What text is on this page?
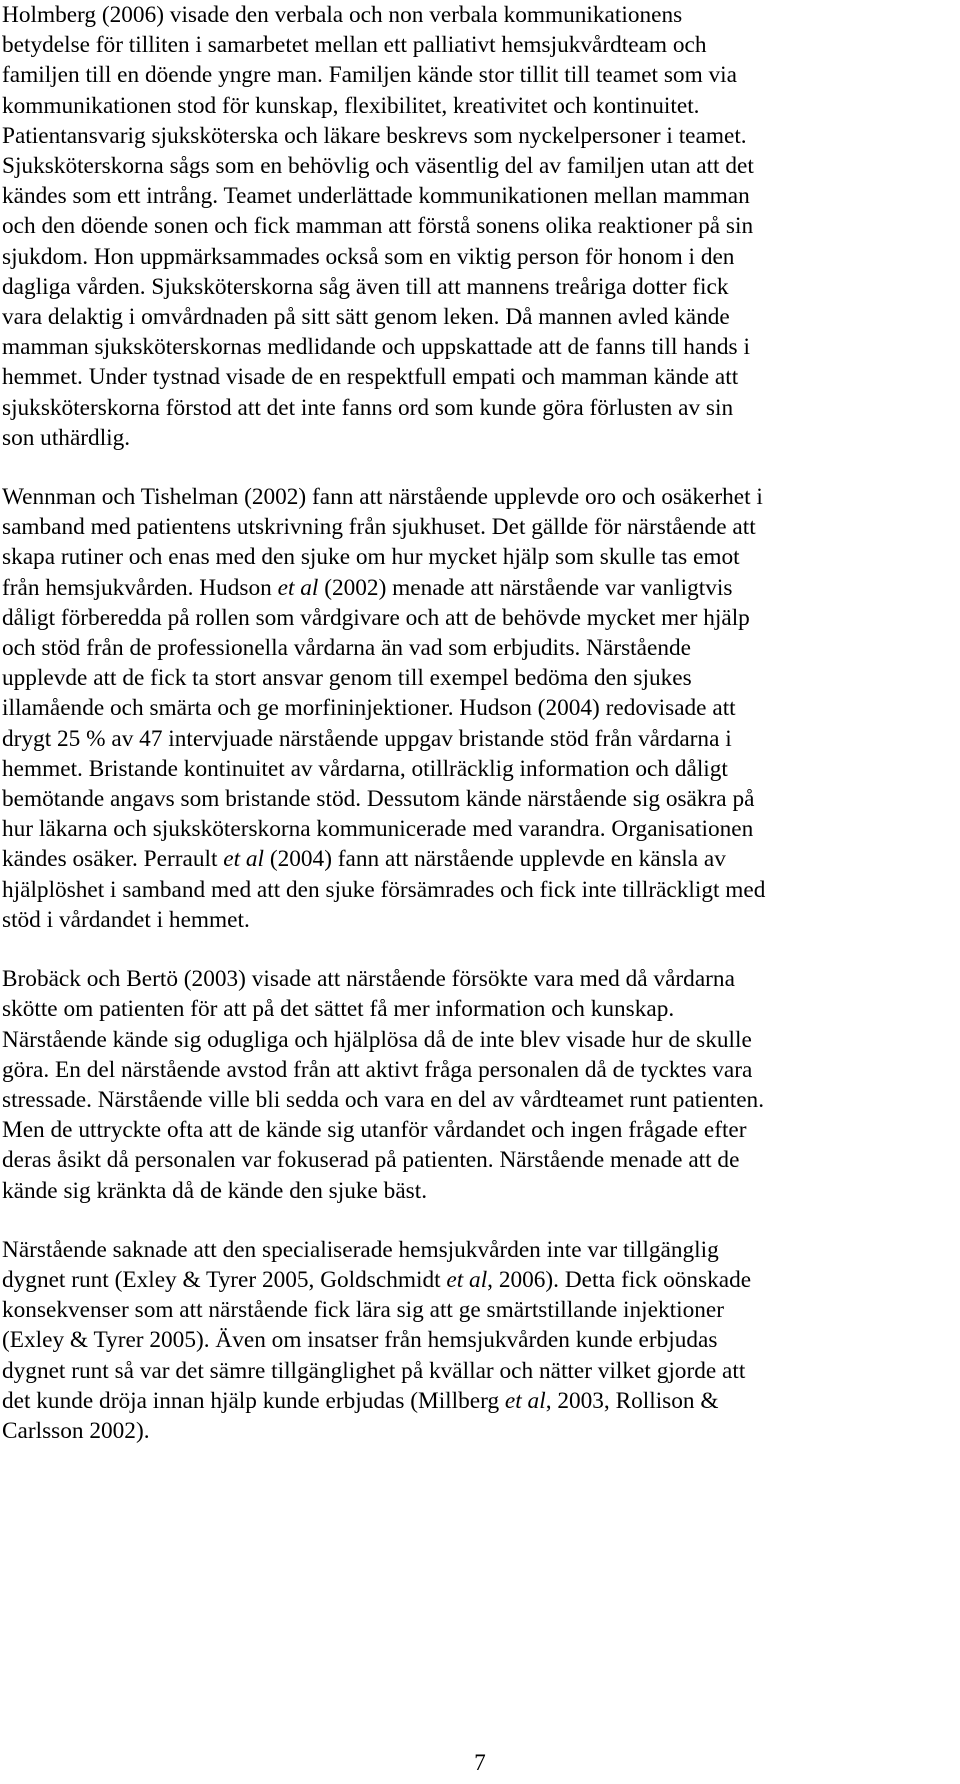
Holmberg (2006) visade den verbala och non verbala kommunikationens
betydelse för tilliten i samarbetet mellan ett palliativt hemsjukvårdteam och
familjen till en döende yngre man. Familjen kände stor tillit till teamet som via
kommunikationen stod för kunskap, flexibilitet, kreativitet och kontinuitet.
Patientansvarig sjuksköterska och läkare beskrevs som nyckelpersoner i teamet.
Sjuksköterskorna sågs som en behövlig och väsentlig del av familjen utan att det
kändes som ett intrång. Teamet underlättade kommunikationen mellan mamman
och den döende sonen och fick mamman att förstå sonens olika reaktioner på sin
sjukdom. Hon uppmärksammades också som en viktig person för honom i den
dagliga vården. Sjuksköterskorna såg även till att mannens treåriga dotter fick
vara delaktig i omvårdnaden på sitt sätt genom leken. Då mannen avled kände
mamman sjuksköterskornas medlidande och uppskattade att de fanns till hands i
hemmet. Under tystnad visade de en respektfull empati och mamman kände att
sjuksköterskorna förstod att det inte fanns ord som kunde göra förlusten av sin
son uthärdlig.

Wennman och Tishelman (2002) fann att närstående upplevde oro och osäkerhet i
samband med patientens utskrivning från sjukhuset. Det gällde för närstående att
skapa rutiner och enas med den sjuke om hur mycket hjälp som skulle tas emot
från hemsjukvården. Hudson et al (2002) menade att närstående var vanligtvis
dåligt förberedda på rollen som vårdgivare och att de behövde mycket mer hjälp
och stöd från de professionella vårdarna än vad som erbjudits. Närstående
upplevde att de fick ta stort ansvar genom till exempel bedöma den sjukes
illamående och smärta och ge morfininjektioner. Hudson (2004) redovisade att
drygt 25 % av 47 intervjuade närstående uppgav bristande stöd från vårdarna i
hemmet. Bristande kontinuitet av vårdarna, otillräcklig information och dåligt
bemötande angavs som bristande stöd. Dessutom kände närstående sig osäkra på
hur läkarna och sjuksköterskorna kommunicerade med varandra. Organisationen
kändes osäker. Perrault et al (2004) fann att närstående upplevde en känsla av
hjälplöshet i samband med att den sjuke försämrades och fick inte tillräckligt med
stöd i vårdandet i hemmet.

Brobäck och Bertö (2003) visade att närstående försökte vara med då vårdarna
skötte om patienten för att på det sättet få mer information och kunskap.
Närstående kände sig odugliga och hjälplösa då de inte blev visade hur de skulle
göra. En del närstående avstod från att aktivt fråga personalen då de tycktes vara
stressade. Närstående ville bli sedda och vara en del av vårdteamet runt patienten.
Men de uttryckte ofta att de kände sig utanför vårdandet och ingen frågade efter
deras åsikt då personalen var fokuserad på patienten. Närstående menade att de
kände sig kränkta då de kände den sjuke bäst.

Närstående saknade att den specialiserade hemsjukvården inte var tillgänglig
dygnet runt (Exley & Tyrer 2005, Goldschmidt et al, 2006). Detta fick oönskade
konsekvenser som att närstående fick lära sig att ge smärtstillande injektioner
(Exley & Tyrer 2005). Även om insatser från hemsjukvården kunde erbjudas
dygnet runt så var det sämre tillgänglighet på kvällar och nätter vilket gjorde att
det kunde dröja innan hjälp kunde erbjudas (Millberg et al, 2003, Rollison &
Carlsson 2002).

7
